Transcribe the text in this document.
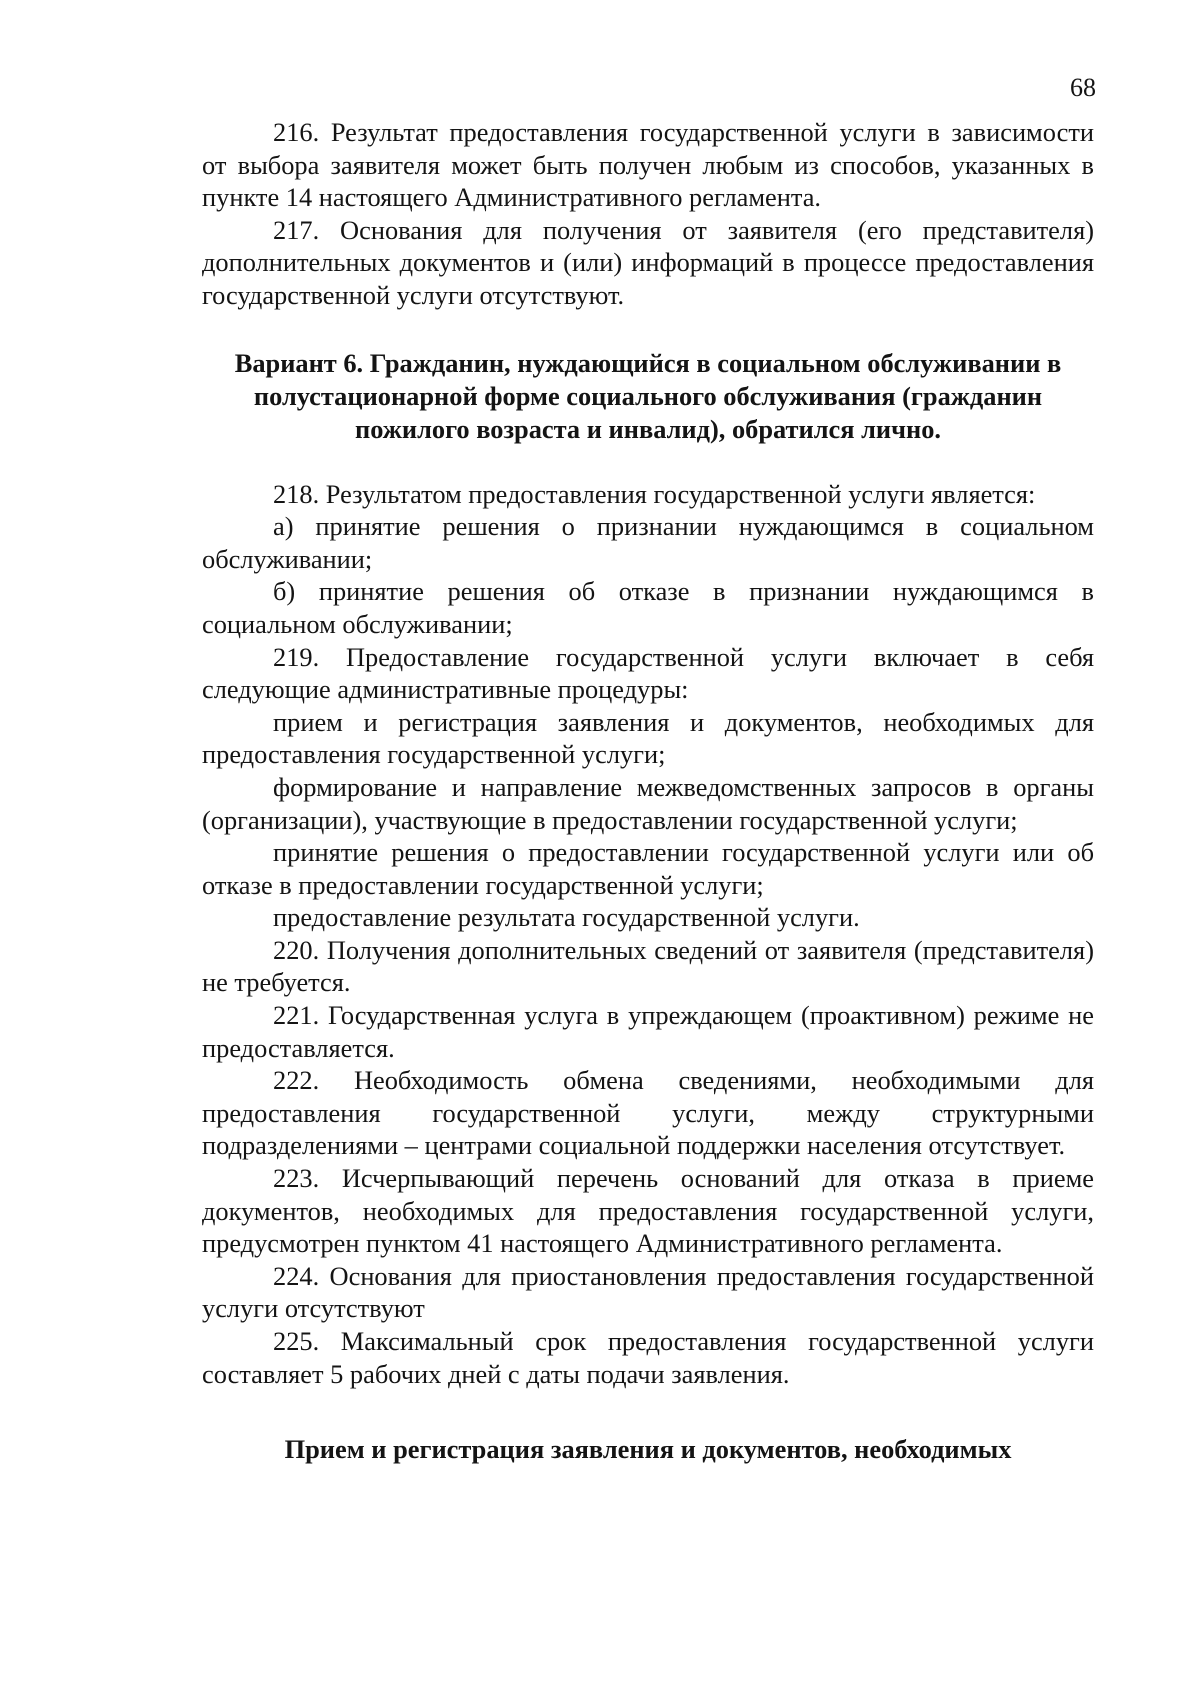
68

216. Результат предоставления государственной услуги в зависимости от выбора заявителя может быть получен любым из способов, указанных в пункте 14 настоящего Административного регламента.

217. Основания для получения от заявителя (его представителя) дополнительных документов и (или) информаций в процессе предоставления государственной услуги отсутствуют.

Вариант 6. Гражданин, нуждающийся в социальном обслуживании в полустационарной форме социального обслуживания (гражданин пожилого возраста и инвалид), обратился лично.

218. Результатом предоставления государственной услуги является:

а) принятие решения о признании нуждающимся в социальном обслуживании;

б) принятие решения об отказе в признании нуждающимся в социальном обслуживании;

219. Предоставление государственной услуги включает в себя следующие административные процедуры:

прием и регистрация заявления и документов, необходимых для предоставления государственной услуги;

формирование и направление межведомственных запросов в органы (организации), участвующие в предоставлении государственной услуги;

принятие решения о предоставлении государственной услуги или об отказе в предоставлении государственной услуги;

предоставление результата государственной услуги.

220. Получения дополнительных сведений от заявителя (представителя) не требуется.

221. Государственная услуга в упреждающем (проактивном) режиме не предоставляется.

222. Необходимость обмена сведениями, необходимыми для предоставления государственной услуги, между структурными подразделениями – центрами социальной поддержки населения отсутствует.

223. Исчерпывающий перечень оснований для отказа в приеме документов, необходимых для предоставления государственной услуги, предусмотрен пунктом 41 настоящего Административного регламента.

224. Основания для приостановления предоставления государственной услуги отсутствуют

225. Максимальный срок предоставления государственной услуги составляет 5 рабочих дней с даты подачи заявления.

Прием и регистрация заявления и документов, необходимых
